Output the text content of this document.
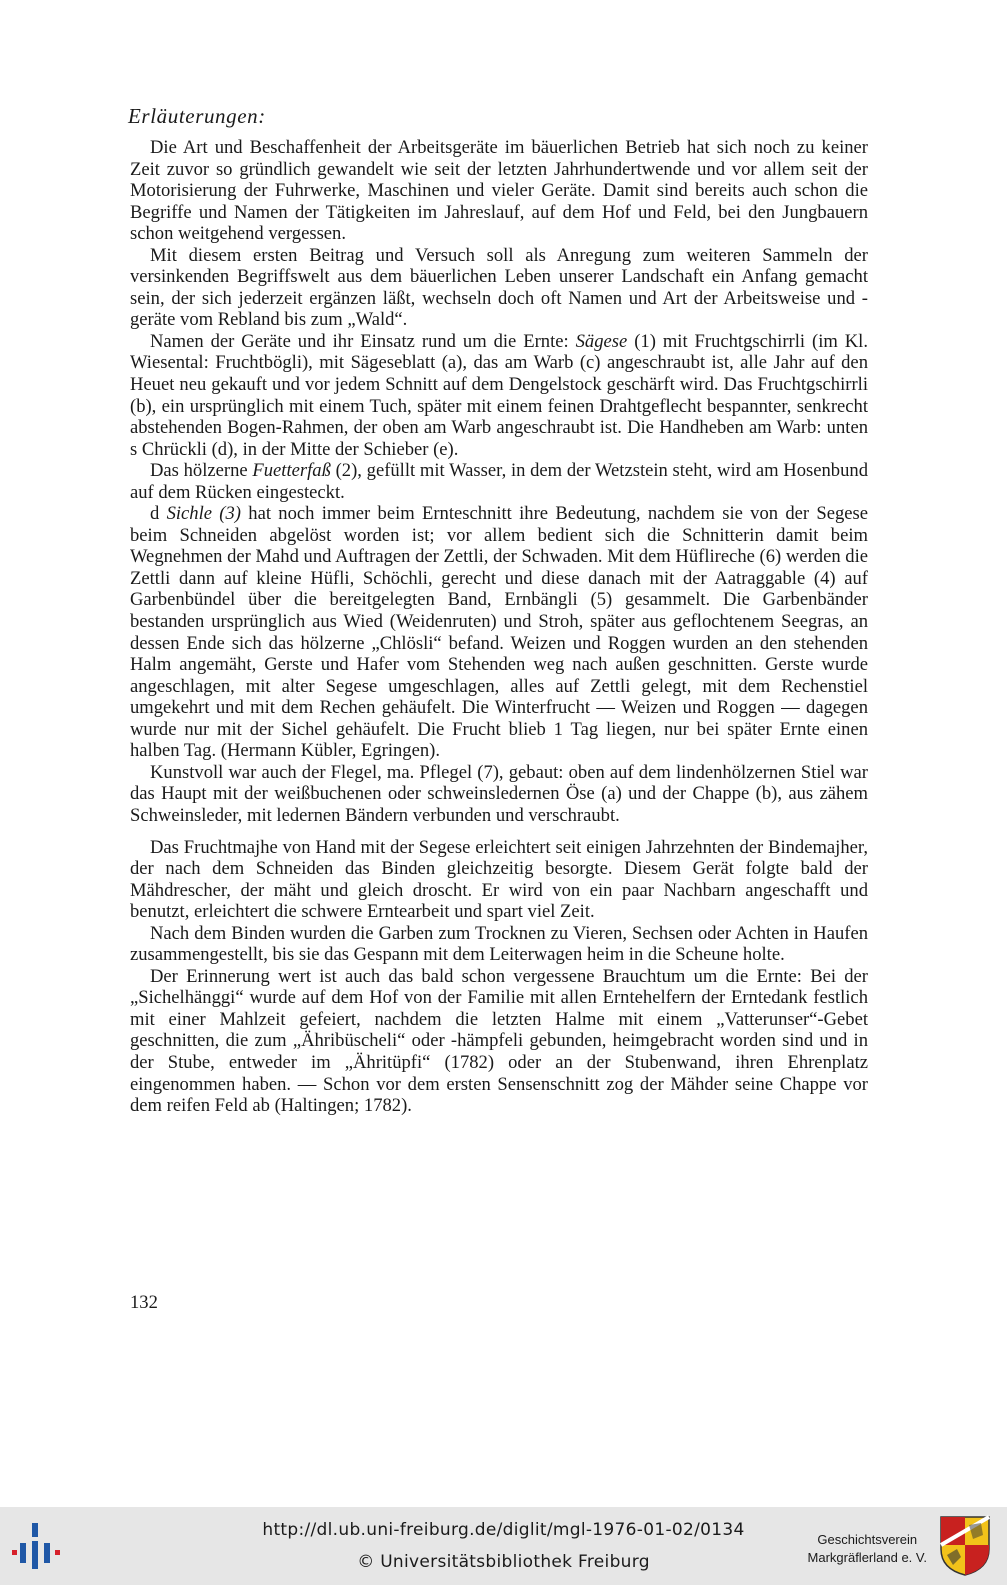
Erläuterungen:

Die Art und Beschaffenheit der Arbeitsgeräte im bäuerlichen Betrieb hat sich noch zu keiner Zeit zuvor so gründlich gewandelt wie seit der letzten Jahrhundertwende und vor allem seit der Motorisierung der Fuhrwerke, Maschinen und vieler Geräte. Damit sind bereits auch schon die Begriffe und Namen der Tätigkeiten im Jahreslauf, auf dem Hof und Feld, bei den Jungbauern schon weitgehend vergessen.

Mit diesem ersten Beitrag und Versuch soll als Anregung zum weiteren Sammeln der versinkenden Begriffswelt aus dem bäuerlichen Leben unserer Landschaft ein Anfang gemacht sein, der sich jederzeit ergänzen läßt, wechseln doch oft Namen und Art der Arbeitsweise und -geräte vom Rebland bis zum „Wald“.

Namen der Geräte und ihr Einsatz rund um die Ernte: Sägese (1) mit Fruchtgschirrli (im Kl. Wiesental: Fruchtbögli), mit Sägeseblatt (a), das am Warb (c) angeschraubt ist, alle Jahr auf den Heuet neu gekauft und vor jedem Schnitt auf dem Dengelstock geschärft wird. Das Fruchtgschirrli (b), ein ursprünglich mit einem Tuch, später mit einem feinen Drahtgeflecht bespannter, senkrecht abstehenden Bogen-Rahmen, der oben am Warb angeschraubt ist. Die Handheben am Warb: unten s Chrückli (d), in der Mitte der Schieber (e).

Das hölzerne Fuetterfaß (2), gefüllt mit Wasser, in dem der Wetzstein steht, wird am Hosenbund auf dem Rücken eingesteckt.

d Sichle (3) hat noch immer beim Ernteschnitt ihre Bedeutung, nachdem sie von der Segese beim Schneiden abgelöst worden ist; vor allem bedient sich die Schnitterin damit beim Wegnehmen der Mahd und Auftragen der Zettli, der Schwaden. Mit dem Hüflireche (6) werden die Zettli dann auf kleine Hüfli, Schöchli, gerecht und diese danach mit der Aatraggable (4) auf Garbenbündel über die bereitgelegten Band, Ernbängli (5) gesammelt. Die Garbenbänder bestanden ursprünglich aus Wied (Weidenruten) und Stroh, später aus geflochtenem Seegras, an dessen Ende sich das hölzerne „Chlösli“ befand. Weizen und Roggen wurden an den stehenden Halm angemäht, Gerste und Hafer vom Stehenden weg nach außen geschnitten. Gerste wurde angeschlagen, mit alter Segese umgeschlagen, alles auf Zettli gelegt, mit dem Rechenstiel umgekehrt und mit dem Rechen gehäufelt. Die Winterfrucht — Weizen und Roggen — dagegen wurde nur mit der Sichel gehäufelt. Die Frucht blieb 1 Tag liegen, nur bei später Ernte einen halben Tag. (Hermann Kübler, Egringen).

Kunstvoll war auch der Flegel, ma. Pflegel (7), gebaut: oben auf dem lindenhölzernen Stiel war das Haupt mit der weißbuchenen oder schweinsledernen Öse (a) und der Chappe (b), aus zähem Schweinsleder, mit ledernen Bändern verbunden und verschraubt.

Das Fruchtmajhe von Hand mit der Segese erleichtert seit einigen Jahrzehnten der Bindemajher, der nach dem Schneiden das Binden gleichzeitig besorgte. Diesem Gerät folgte bald der Mähdrescher, der mäht und gleich droscht. Er wird von ein paar Nachbarn angeschafft und benutzt, erleichtert die schwere Erntearbeit und spart viel Zeit.

Nach dem Binden wurden die Garben zum Trocknen zu Vieren, Sechsen oder Achten in Haufen zusammengestellt, bis sie das Gespann mit dem Leiterwagen heim in die Scheune holte.

Der Erinnerung wert ist auch das bald schon vergessene Brauchtum um die Ernte: Bei der „Sichelhänggi“ wurde auf dem Hof von der Familie mit allen Erntehelfern der Erntedank festlich mit einer Mahlzeit gefeiert, nachdem die letzten Halme mit einem „Vatterunser“-Gebet geschnitten, die zum „Ähribüscheli“ oder -hämpfeli gebunden, heimgebracht worden sind und in der Stube, entweder im „Ähritüpfi“ (1782) oder an der Stubenwand, ihren Ehrenplatz eingenommen haben. — Schon vor dem ersten Sensenschnitt zog der Mähder seine Chappe vor dem reifen Feld ab (Haltingen; 1782).

132
http://dl.ub.uni-freiburg.de/diglit/mgl-1976-01-02/0134
© Universitätsbibliothek Freiburg
Geschichtsverein
Markgräflerland e. V.
